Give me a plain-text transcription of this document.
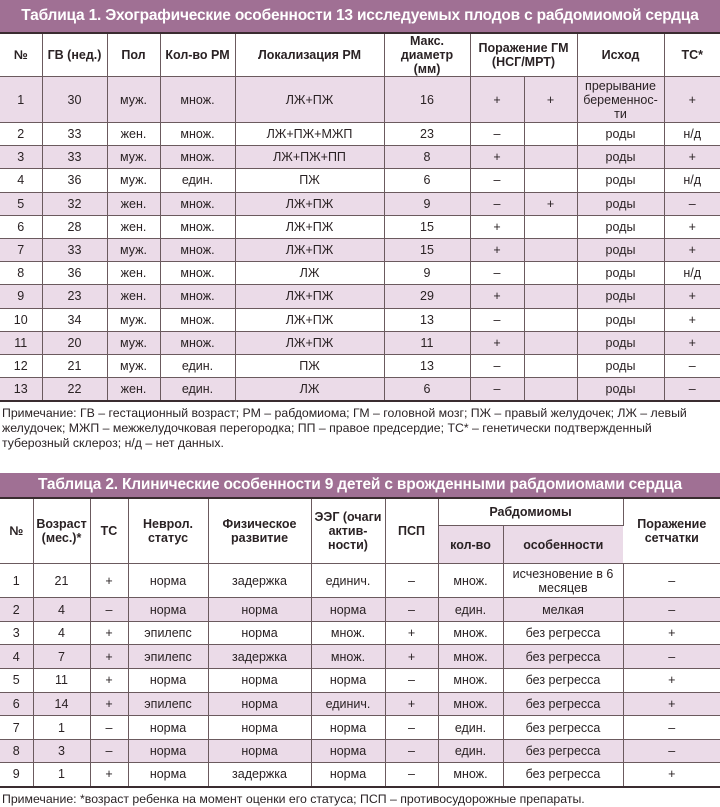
Таблица 1. Эхографические особенности 13 исследуемых плодов с рабдомиомой сердца
№	ГВ (нед.)	Пол	Кол-во РМ	Локализация РМ	Макс. диаметр (мм)	Поражение ГМ (НСГ/МРТ)		Исход	ТС*
1	30	муж.	множ.	ЛЖ+ПЖ	16	+	+	прерывание беременнос-ти	+
2	33	жен.	множ.	ЛЖ+ПЖ+МЖП	23	–		роды	н/д
3	33	муж.	множ.	ЛЖ+ПЖ+ПП	8	+		роды	+
4	36	муж.	един.	ПЖ	6	–		роды	н/д
5	32	жен.	множ.	ЛЖ+ПЖ	9	–	+	роды	–
6	28	жен.	множ.	ЛЖ+ПЖ	15	+		роды	+
7	33	муж.	множ.	ЛЖ+ПЖ	15	+		роды	+
8	36	жен.	множ.	ЛЖ	9	–		роды	н/д
9	23	жен.	множ.	ЛЖ+ПЖ	29	+		роды	+
10	34	муж.	множ.	ЛЖ+ПЖ	13	–		роды	+
11	20	муж.	множ.	ЛЖ+ПЖ	11	+		роды	+
12	21	муж.	един.	ПЖ	13	–		роды	–
13	22	жен.	един.	ЛЖ	6	–		роды	–
Примечание: ГВ – гестационный возраст; РМ – рабдомиома; ГМ – головной мозг; ПЖ – правый желудочек; ЛЖ – левый желудочек; МЖП – межжелудочковая перегородка; ПП – правое предсердие; ТС* – генетически подтвержденный туберозный склероз; н/д – нет данных.
Таблица 2. Клинические особенности 9 детей с врожденными рабдомиомами сердца
№	Возраст (мес.)*	ТС	Неврол. статус	Физическое развитие	ЭЭГ (очаги актив-ности)	ПСП	Рабдомиомы		Поражение сетчатки
							кол-во	особенности	
1	21	+	норма	задержка	единич.	–	множ.	исчезновение в 6 месяцев	–
2	4	–	норма	норма	норма	–	един.	мелкая	–
3	4	+	эпилепс	норма	множ.	+	множ.	без регресса	+
4	7	+	эпилепс	задержка	множ.	+	множ.	без регресса	–
5	11	+	норма	норма	норма	–	множ.	без регресса	+
6	14	+	эпилепс	норма	единич.	+	множ.	без регресса	+
7	1	–	норма	норма	норма	–	един.	без регресса	–
8	3	–	норма	норма	норма	–	един.	без регресса	–
9	1	+	норма	задержка	норма	–	множ.	без регресса	+
Примечание: *возраст ребенка на момент оценки его статуса; ПСП – противосудорожные препараты.
